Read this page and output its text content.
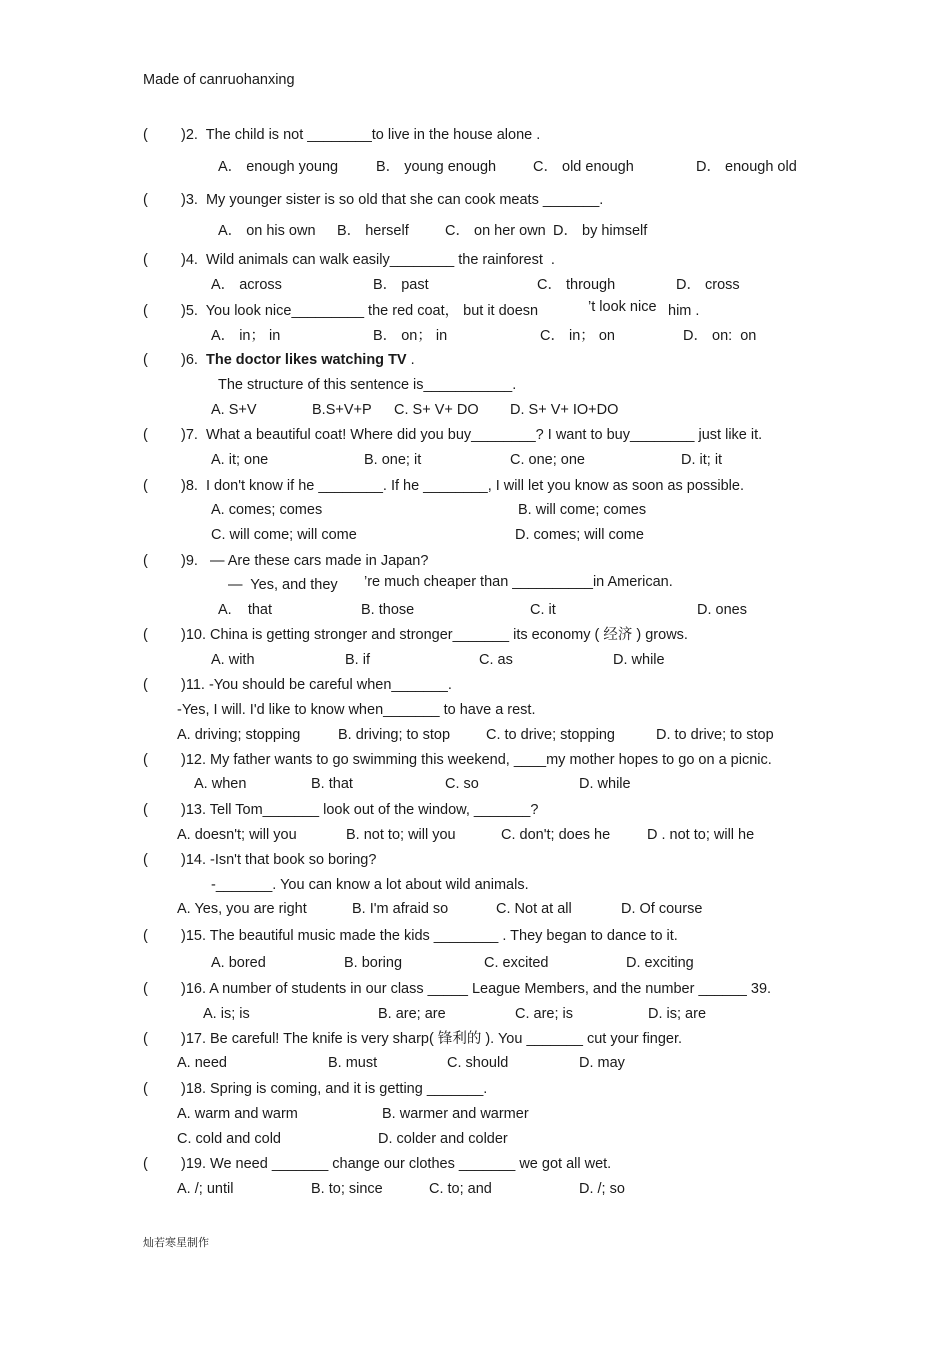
Made of canruohanxing
( )2.  The child is not ________to live in the house alone .
A． enough young	B． young enough	C． old enough	D． enough old
( )3.  My younger sister is so old that she can cook meats _______.
A． on his own B． herself	C． on her own D． by himself
( )4.  Wild animals can walk easily________ the rainforest  .
A． across	B． past	C． through	D． cross
( )5.  You look nice_________ the red coat， but it doesn	’t look nice him .
A． in； in	B． on； in	C． in； on	D． on:  on
( )6.  The doctor likes watching TV .
The structure of this sentence is___________.
A. S+V	B.S+V+P C. S+ V+ DO D. S+ V+ IO+DO
( )7.  What a beautiful coat! Where did you buy________? I want to buy________ just like it.
A. it; one	B. one; it	C. one; one	D. it; it
( )8.  I don't know if he ________. If he ________, I will let you know as soon as possible.
A. comes; comes	B. will come; comes
C. will come; will come	D. comes; will come
( )9.   — Are these cars made in Japan?
—  Yes, and they ’re much cheaper than __________in American.
A.    that	B. those	C. it	D. ones
( )10. China is getting stronger and stronger_______ its economy ( 经济 ) grows.
A. with	B. if	C. as	D. while
( )11. -You should be careful when_______.
-Yes, I will. I'd like to know when_______ to have a rest.
A. driving; stopping	B. driving; to stop C. to drive; stopping	D. to drive; to stop
( )12. My father wants to go swimming this weekend, ____my mother hopes to go on a picnic.
A. when	B. that	C. so	D. while
( )13. Tell Tom_______ look out of the window, _______?
A. doesn't; will you	B. not to; will you	C. don't; does he	D . not to; will he
( )14. -Isn't that book so boring?
-_______. You can know a lot about wild animals.
A. Yes, you are right	B. I'm afraid so	C. Not at all	D. Of course
( )15. The beautiful music made the kids ________ . They began to dance to it.
A. bored	B. boring	C. excited	D. exciting
( )16. A number of students in our class _____ League Members, and the number ______ 39.
A. is; is	B. are; are	C. are; is	D. is; are
( )17. Be careful! The knife is very sharp( 锋利的 ). You _______ cut your finger.
A. need	B. must	C. should	D. may
( )18. Spring is coming, and it is getting _______.
A. warm and warm	B. warmer and warmer
C. cold and cold	D. colder and colder
( )19. We need _______ change our clothes _______ we got all wet.
A. /; until	B. to; since	C. to; and	D. /; so
灿若寒星制作
